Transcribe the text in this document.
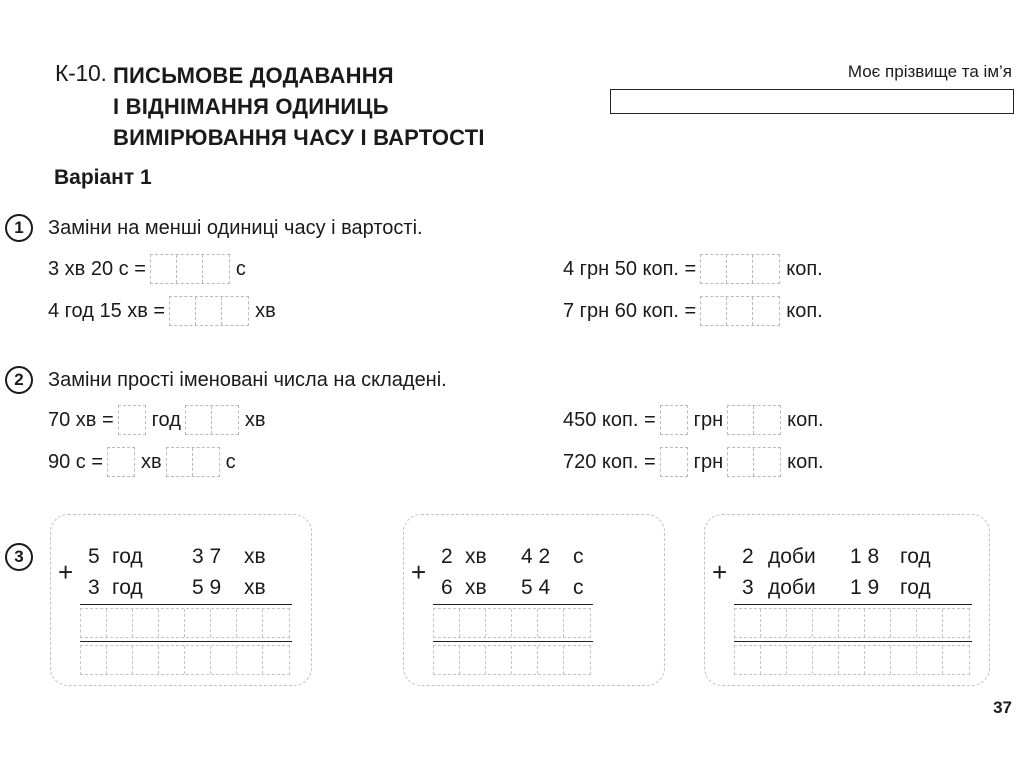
К-10. ПИСЬМОВЕ ДОДАВАННЯ
І ВІДНІМАННЯ ОДИНИЦЬ
ВИМІРЮВАННЯ ЧАСУ І ВАРТОСТІ
Моє прізвище та ім’я
Варіант 1
1	Заміни на менші одиниці часу і вартості.
3 хв 20 с =	с
4 год 15 хв =	хв
4 грн 50 коп. =	коп.
7 грн 60 коп. =	коп.
2	Заміни прості іменовані числа на складені.
70 хв = год	хв
90 с = хв	с
450 коп. = грн	коп.
720 коп. = грн	коп.
3
+
5 год	3 7	хв
3 год	5 9	хв	+
2 хв	4 2	с
6 хв	5 4	с	+
2 доби	1 8 год
3 доби	1 9 год
37
